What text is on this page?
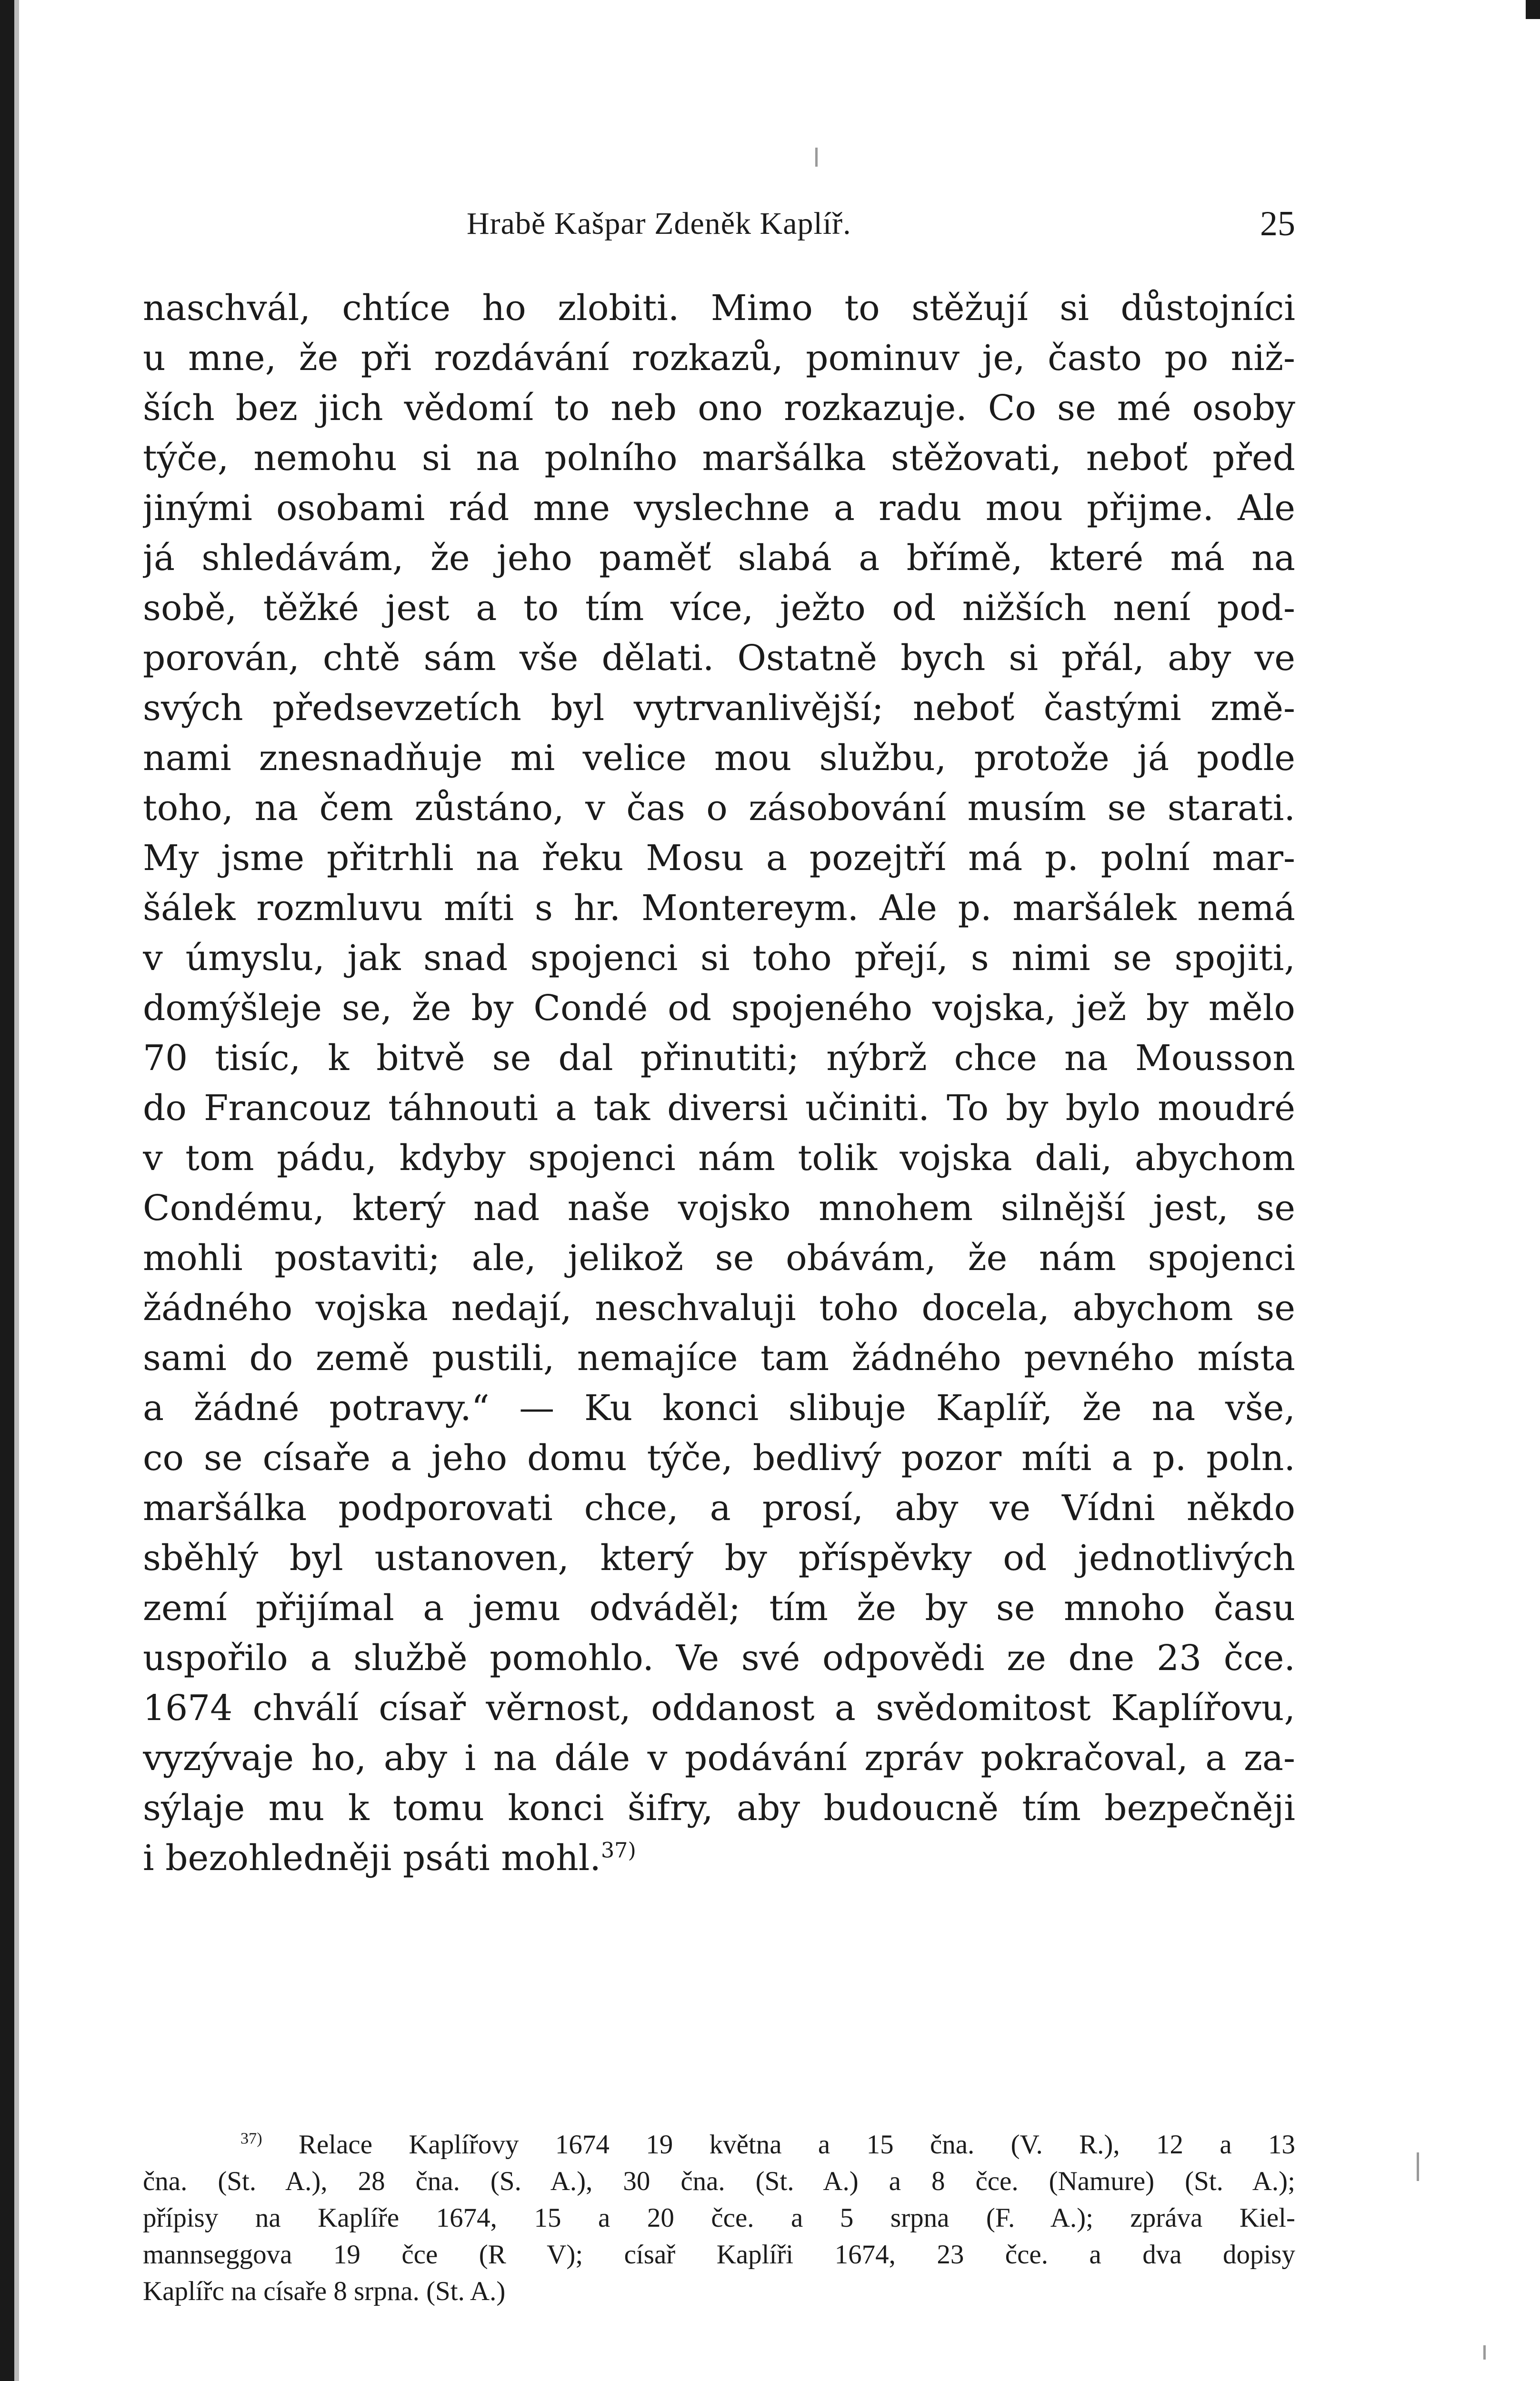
Hrabě Kašpar Zdeněk Kaplíř.	25
naschvál, chtíce ho zlobiti. Mimo to stěžují si důstojníci
u mne, že při rozdávání rozkazů, pominuv je, často po niž-
ších bez jich vědomí to neb ono rozkazuje. Co se mé osoby
týče, nemohu si na polního maršálka stěžovati, neboť před
jinými osobami rád mne vyslechne a radu mou přijme. Ale
já shledávám, že jeho paměť slabá a břímě, které má na
sobě, těžké jest a to tím více, ježto od nižších není pod-
porován, chtě sám vše dělati. Ostatně bych si přál, aby ve
svých předsevzetích byl vytrvanlivější; neboť častými změ-
nami znesnadňuje mi velice mou službu, protože já podle
toho, na čem zůstáno, v čas o zásobování musím se starati.
My jsme přitrhli na řeku Mosu a pozejtří má p. polní mar-
šálek rozmluvu míti s hr. Montereym. Ale p. maršálek nemá
v úmyslu, jak snad spojenci si toho přejí, s nimi se spojiti,
domýšleje se, že by Condé od spojeného vojska, jež by mělo
70 tisíc, k bitvě se dal přinutiti; nýbrž chce na Mousson
do Francouz táhnouti a tak diversi učiniti. To by bylo moudré
v tom pádu, kdyby spojenci nám tolik vojska dali, abychom
Condému, který nad naše vojsko mnohem silnější jest, se
mohli postaviti; ale, jelikož se obávám, že nám spojenci
žádného vojska nedají, neschvaluji toho docela, abychom se
sami do země pustili, nemajíce tam žádného pevného místa
a žádné potravy.“ — Ku konci slibuje Kaplíř, že na vše,
co se císaře a jeho domu týče, bedlivý pozor míti a p. poln.
maršálka podporovati chce, a prosí, aby ve Vídni někdo
sběhlý byl ustanoven, který by příspěvky od jednotlivých
zemí přijímal a jemu odváděl; tím že by se mnoho času
uspořilo a službě pomohlo. Ve své odpovědi ze dne 23 čce.
1674 chválí císař věrnost, oddanost a svědomitost Kaplířovu,
vyzývaje ho, aby i na dále v podávání zpráv pokračoval, a za-
sýlaje mu k tomu konci šifry, aby budoucně tím bezpečněji
i bezohledněji psáti mohl.$^{37)}$
$^{37)}$ Relace Kaplířovy 1674 19 května a 15 čna. (V. R.), 12 a 13
čna. (St. A.), 28 čna. (S. A.), 30 čna. (St. A.) a 8 čce. (Namure) (St. A.);
přípisy na Kaplíře 1674, 15 a 20 čce. a 5 srpna (F. A.); zpráva Kiel-
mannseggova 19 čce (R V); císař Kaplíři 1674, 23 čce. a dva dopisy
Kaplířc na císaře 8 srpna. (St. A.)
